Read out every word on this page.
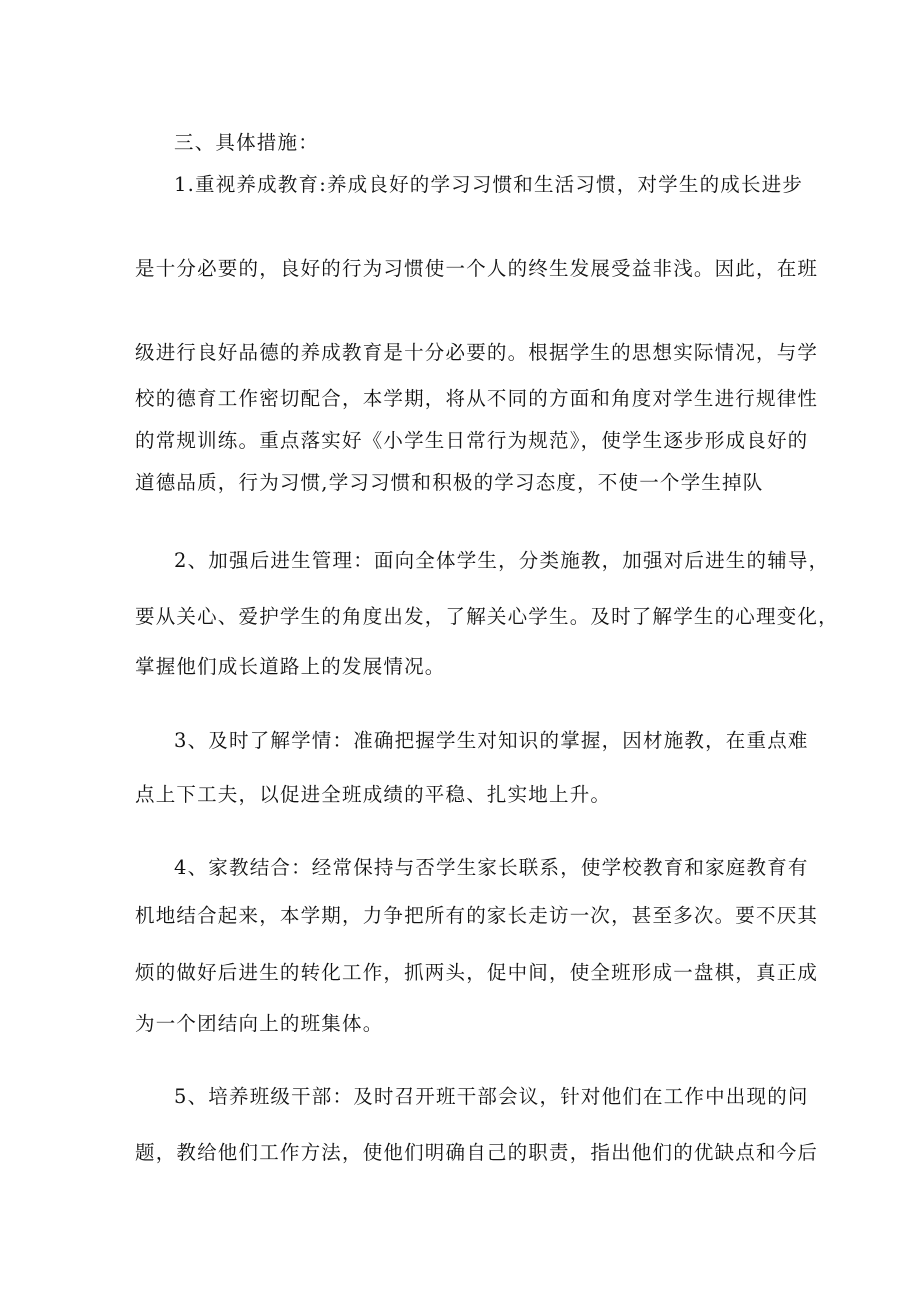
三、具体措施：
1.重视养成教育:养成良好的学习习惯和生活习惯，对学生的成长进步
是十分必要的，良好的行为习惯使一个人的终生发展受益非浅。因此，在班
级进行良好品德的养成教育是十分必要的。根据学生的思想实际情况，与学
校的德育工作密切配合，本学期，将从不同的方面和角度对学生进行规律性
的常规训练。重点落实好《小学生日常行为规范》，使学生逐步形成良好的
道德品质，行为习惯,学习习惯和积极的学习态度，不使一个学生掉队
2、加强后进生管理：面向全体学生，分类施教，加强对后进生的辅导，
要从关心、爱护学生的角度出发，了解关心学生。及时了解学生的心理变化，
掌握他们成长道路上的发展情况。
3、及时了解学情：准确把握学生对知识的掌握，因材施教，在重点难
点上下工夫，以促进全班成绩的平稳、扎实地上升。
4、家教结合：经常保持与否学生家长联系，使学校教育和家庭教育有
机地结合起来，本学期，力争把所有的家长走访一次，甚至多次。要不厌其
烦的做好后进生的转化工作，抓两头，促中间，使全班形成一盘棋，真正成
为一个团结向上的班集体。
5、培养班级干部：及时召开班干部会议，针对他们在工作中出现的问
题，教给他们工作方法，使他们明确自己的职责，指出他们的优缺点和今后
